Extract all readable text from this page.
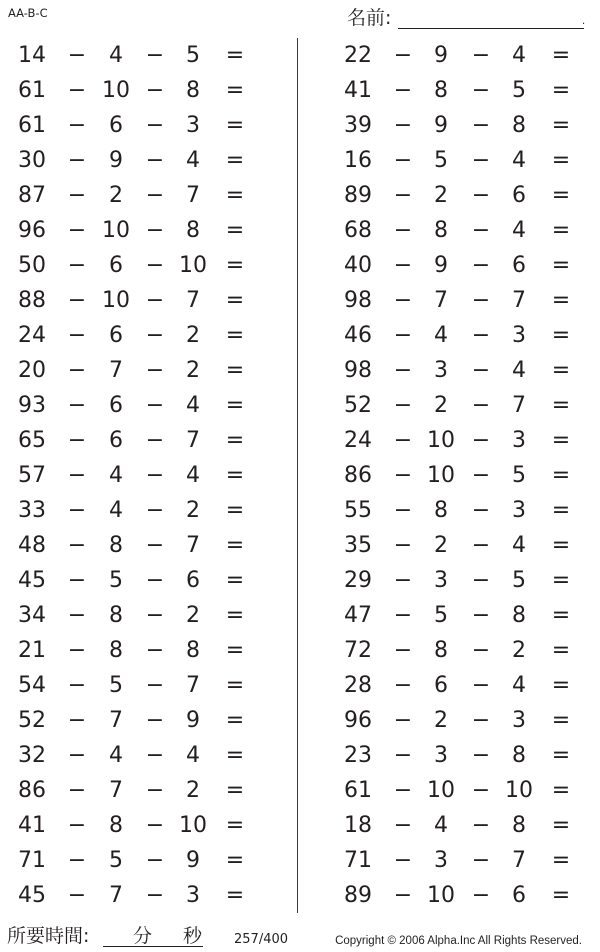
AA-B-C	名前:	.
14 −	4	− 5	=
61 − 10 − 8	=
61 −	6	− 3	=
30 −	9	− 4	=
87 −	2	− 7	=
96 − 10 − 8	=
50 −	6	− 10 =
88 − 10 − 7	=
24 −	6	− 2	=
20 −	7	− 2	=
93 −	6	− 4	=
65 −	6	− 7	=
57 −	4	− 4	=
33 −	4	− 2	=
48 −	8	− 7	=
45 −	5	− 6	=
34 −	8	− 2	=
21 −	8	− 8	=
54 −	5	− 7	=
52 −	7	− 9	=
32 −	4	− 4	=
86 −	7	− 2	=
41 −	8	− 10 =
71 −	5	− 9	=
45 −	7	− 3	=
22 − 9	− 4	=
41 − 8	− 5	=
39 − 9	− 8	=
16 − 5	− 4	=
89 − 2	− 6	=
68 − 8	− 4	=
40 − 9	− 6	=
98 − 7	− 7	=
46 − 4	− 3	=
98 − 3	− 4	=
52 − 2	− 7	=
24 − 10 − 3	=
86 − 10 − 5	=
55 − 8	− 3	=
35 − 2	− 4	=
29 − 3	− 5	=
47 − 5	− 8	=
72 − 8	− 2	=
28 − 6	− 4	=
96 − 2	− 3	=
23 − 3	− 8	=
61 − 10 − 10 =
18 − 4	− 8	=
71 − 3	− 7	=
89 − 10 − 6	=
所要時間: 分 秒 257/400	Copyright © 2006 Alpha.Inc All Rights Reserved.
